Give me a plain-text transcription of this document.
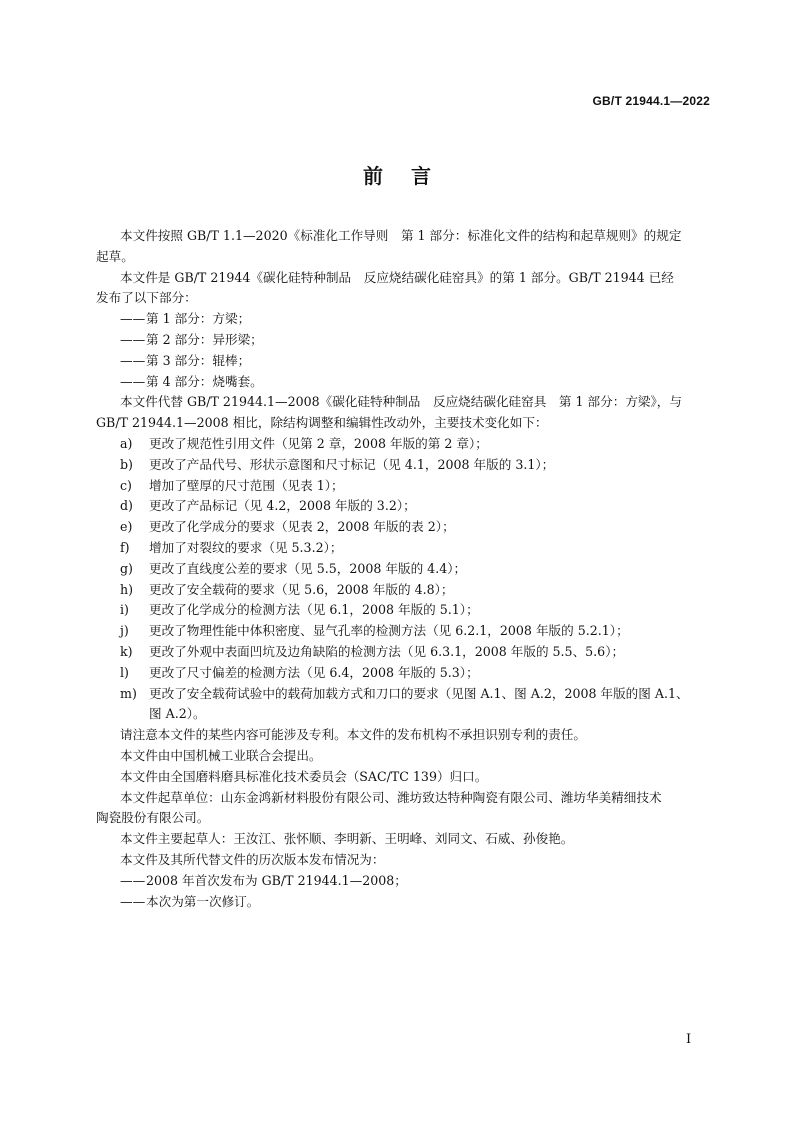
GB/T 21944.1—2022
前言
本文件按照 GB/T 1.1—2020《标准化工作导则　第 1 部分：标准化文件的结构和起草规则》的规定
起草。
本文件是 GB/T 21944《碳化硅特种制品　反应烧结碳化硅窑具》的第 1 部分。GB/T 21944 已经
发布了以下部分：
——第 1 部分：方梁；
——第 2 部分：异形梁；
——第 3 部分：辊棒；
——第 4 部分：烧嘴套。
本文件代替 GB/T 21944.1—2008《碳化硅特种制品　反应烧结碳化硅窑具　第 1 部分：方梁》，与
GB/T 21944.1—2008 相比，除结构调整和编辑性改动外，主要技术变化如下：
a) 更改了规范性引用文件（见第 2 章，2008 年版的第 2 章）；
b) 更改了产品代号、形状示意图和尺寸标记（见 4.1，2008 年版的 3.1）；
c) 增加了壁厚的尺寸范围（见表 1）；
d) 更改了产品标记（见 4.2，2008 年版的 3.2）；
e) 更改了化学成分的要求（见表 2，2008 年版的表 2）；
f) 增加了对裂纹的要求（见 5.3.2）；
g) 更改了直线度公差的要求（见 5.5，2008 年版的 4.4）；
h) 更改了安全载荷的要求（见 5.6，2008 年版的 4.8）；
i) 更改了化学成分的检测方法（见 6.1，2008 年版的 5.1）；
j) 更改了物理性能中体积密度、显气孔率的检测方法（见 6.2.1，2008 年版的 5.2.1）；
k) 更改了外观中表面凹坑及边角缺陷的检测方法（见 6.3.1，2008 年版的 5.5、5.6）；
l) 更改了尺寸偏差的检测方法（见 6.4，2008 年版的 5.3）；
m) 更改了安全载荷试验中的载荷加载方式和刀口的要求（见图 A.1、图 A.2，2008 年版的图 A.1、
图 A.2）。
请注意本文件的某些内容可能涉及专利。本文件的发布机构不承担识别专利的责任。
本文件由中国机械工业联合会提出。
本文件由全国磨料磨具标准化技术委员会（SAC/TC 139）归口。
本文件起草单位：山东金鸿新材料股份有限公司、潍坊致达特种陶瓷有限公司、潍坊华美精细技术
陶瓷股份有限公司。
本文件主要起草人：王汝江、张怀顺、李明新、王明峰、刘同文、石威、孙俊艳。
本文件及其所代替文件的历次版本发布情况为：
——2008 年首次发布为 GB/T 21944.1—2008；
——本次为第一次修订。
I
